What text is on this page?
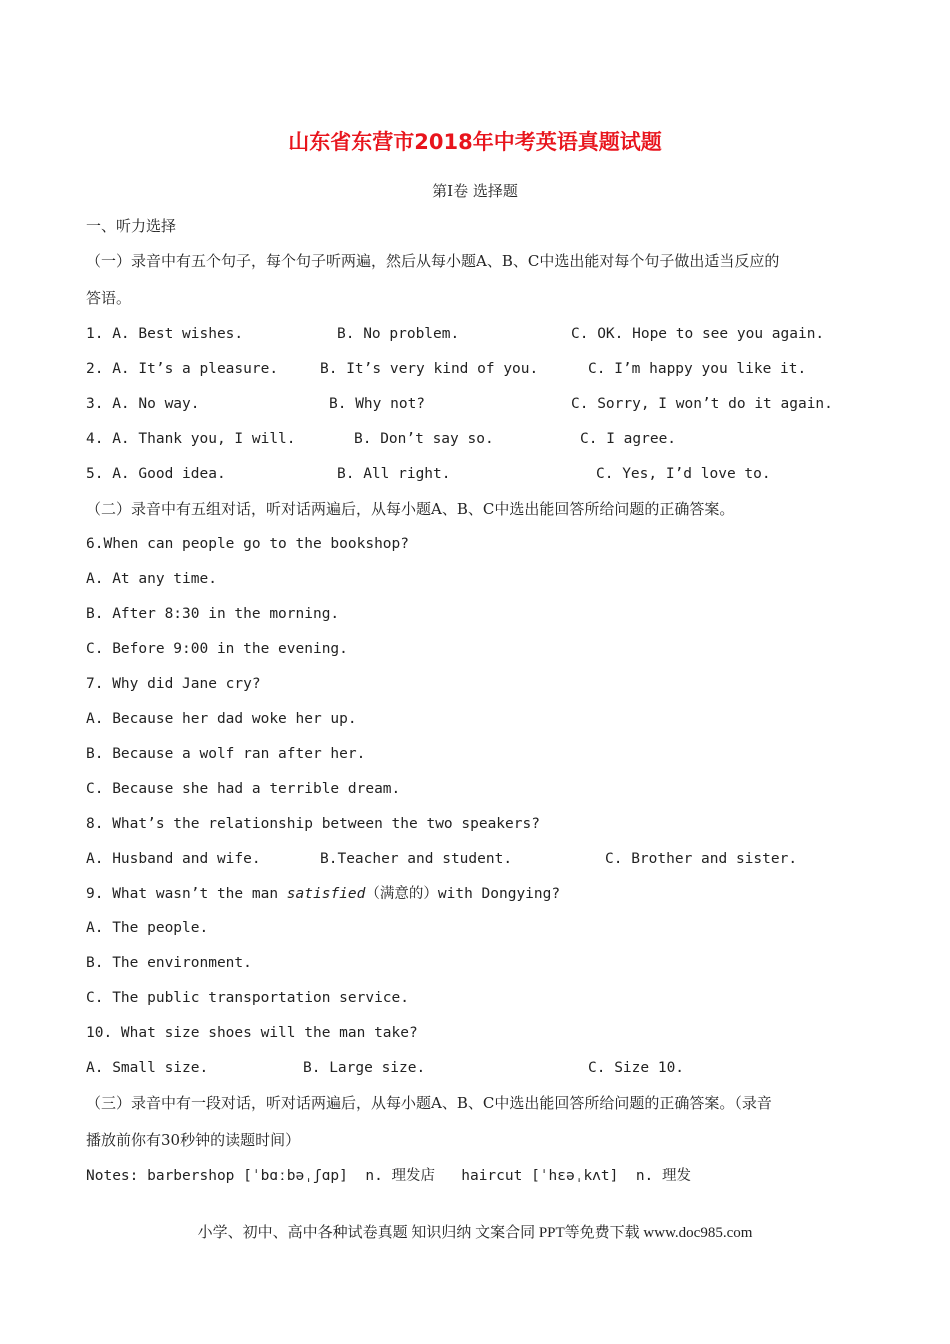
山东省东营市2018年中考英语真题试题
第I卷 选择题
一、听力选择
（一）录音中有五个句子，每个句子听两遍，然后从每小题A、B、C中选出能对每个句子做出适当反应的
答语。
1. A. Best wishes.	B. No problem.	C. OK. Hope to see you again.
2. A. It’s a pleasure.	B. It’s very kind of you.	C. I’m happy you like it.
3. A. No way.	B. Why not?	C. Sorry, I won’t do it again.
4. A. Thank you, I will.	B. Don’t say so.	C. I agree.
5. A. Good idea.	B. All right.	C. Yes, I’d love to.
（二）录音中有五组对话，听对话两遍后，从每小题A、B、C中选出能回答所给问题的正确答案。
6.When can people go to the bookshop?
A. At any time.
B. After 8:30 in the morning.
C. Before 9:00 in the evening.
7. Why did Jane cry?
A. Because her dad woke her up.
B. Because a wolf ran after her.
C. Because she had a terrible dream.
8. What’s the relationship between the two speakers?
A. Husband and wife.	B.Teacher and student.	C. Brother and sister.
9. What wasn’t the man satisfied（满意的）with Dongying?
A. The people.
B. The environment.
C. The public transportation service.
10. What size shoes will the man take?
A. Small size.	B. Large size.	C. Size 10.
（三）录音中有一段对话，听对话两遍后，从每小题A、B、C中选出能回答所给问题的正确答案。（录音
播放前你有30秒钟的读题时间）
Notes: barbershop [ˈbɑːbəˌʃɑp]  n. 理发店   haircut [ˈhɛəˌkʌt]  n. 理发
小学、初中、高中各种试卷真题 知识归纳 文案合同 PPT等免费下载 www.doc985.com
